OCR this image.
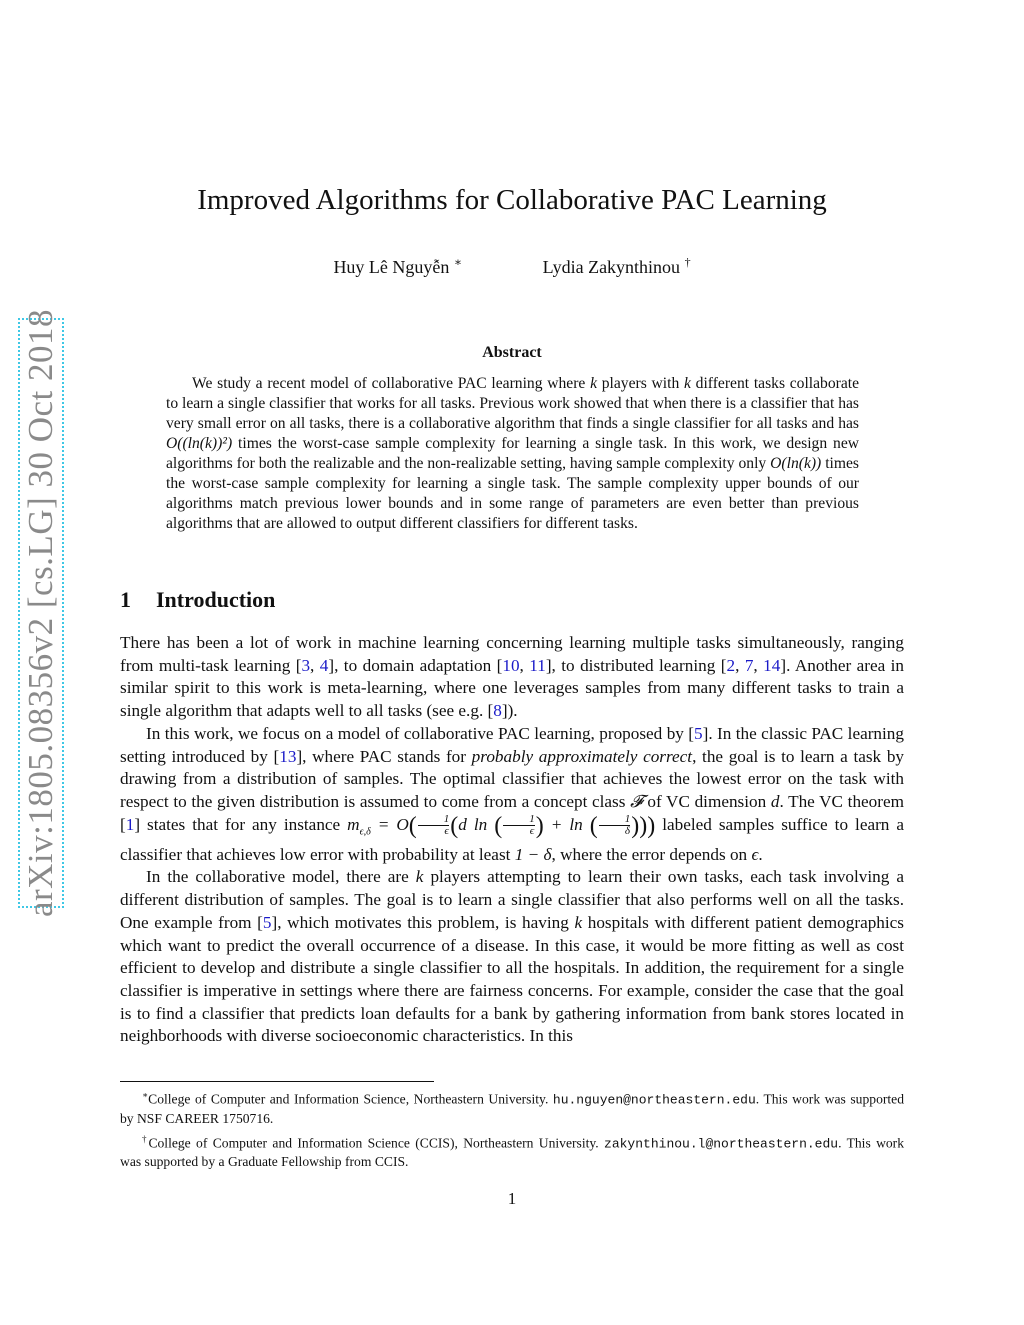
arXiv:1805.08356v2 [cs.LG] 30 Oct 2018
Improved Algorithms for Collaborative PAC Learning
Huy Lê Nguyễn ∗	Lydia Zakynthinou †
Abstract

We study a recent model of collaborative PAC learning where k players with k different tasks collaborate to learn a single classifier that works for all tasks. Previous work showed that when there is a classifier that has very small error on all tasks, there is a collaborative algorithm that finds a single classifier for all tasks and has O((ln(k))²) times the worst-case sample complexity for learning a single task. In this work, we design new algorithms for both the realizable and the non-realizable setting, having sample complexity only O(ln(k)) times the worst-case sample complexity for learning a single task. The sample complexity upper bounds of our algorithms match previous lower bounds and in some range of parameters are even better than previous algorithms that are allowed to output different classifiers for different tasks.

1 Introduction

There has been a lot of work in machine learning concerning learning multiple tasks simultaneously, ranging from multi-task learning [3, 4], to domain adaptation [10, 11], to distributed learning [2, 7, 14]. Another area in similar spirit to this work is meta-learning, where one leverages samples from many different tasks to train a single algorithm that adapts well to all tasks (see e.g. [8]).

In this work, we focus on a model of collaborative PAC learning, proposed by [5]. In the classic PAC learning setting introduced by [13], where PAC stands for probably approximately correct, the goal is to learn a task by drawing from a distribution of samples. The optimal classifier that achieves the lowest error on the task with respect to the given distribution is assumed to come from a concept class 𝓕 of VC dimension d. The VC theorem [1] states that for any instance $m_{\epsilon,\delta} = O( \frac{1}{\epsilon} (d$ ln ( $\frac{1}{\epsilon}$ ) + ln ( $\frac{1}{\delta}$ ))) labeled samples suffice to learn a classifier that achieves low error with probability at least 1 − δ, where the error depends on ϵ.

In the collaborative model, there are k players attempting to learn their own tasks, each task involving a different distribution of samples. The goal is to learn a single classifier that also performs well on all the tasks. One example from [5], which motivates this problem, is having k hospitals with different patient demographics which want to predict the overall occurrence of a disease. In this case, it would be more fitting as well as cost efficient to develop and distribute a single classifier to all the hospitals. In addition, the requirement for a single classifier is imperative in settings where there are fairness concerns. For example, consider the case that the goal is to find a classifier that predicts loan defaults for a bank by gathering information from bank stores located in neighborhoods with diverse socioeconomic characteristics. In this

∗College of Computer and Information Science, Northeastern University. hu.nguyen@northeastern.edu. This work was supported by NSF CAREER 1750716.

†College of Computer and Information Science (CCIS), Northeastern University. zakynthinou.l@northeastern.edu. This work was supported by a Graduate Fellowship from CCIS.

1
